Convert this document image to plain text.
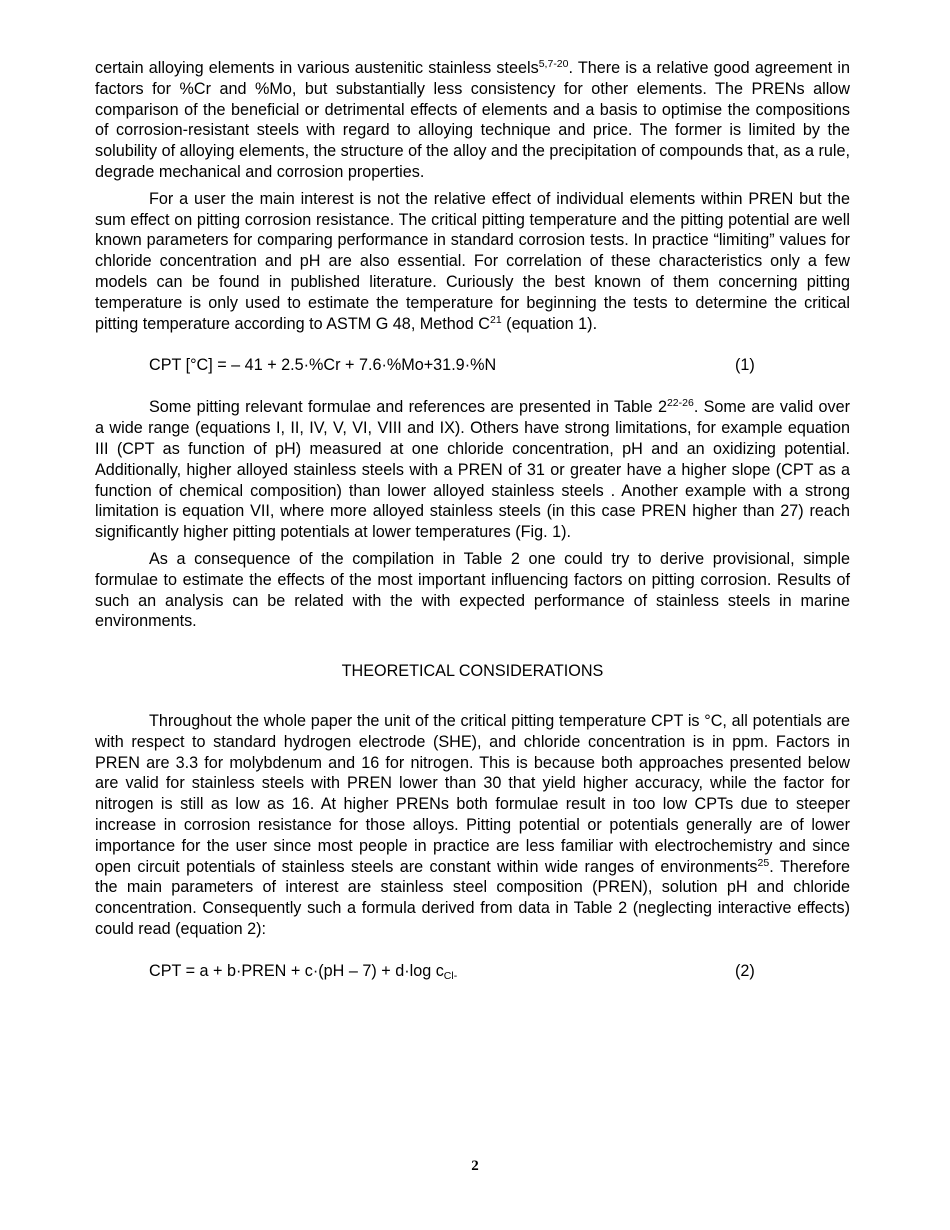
certain alloying elements in various austenitic stainless steels$^{5,7-20}$. There is a relative good agreement in factors for %Cr and %Mo, but substantially less consistency for other elements. The PRENs allow comparison of the beneficial or detrimental effects of elements and a basis to optimise the compositions of corrosion-resistant steels with regard to alloying technique and price. The former is limited by the solubility of alloying elements, the structure of the alloy and the precipitation of compounds that, as a rule, degrade mechanical and corrosion properties.

For a user the main interest is not the relative effect of individual elements within PREN but the sum effect on pitting corrosion resistance. The critical pitting temperature and the pitting potential are well known parameters for comparing performance in standard corrosion tests. In practice “limiting” values for chloride concentration and pH are also essential. For correlation of these characteristics only a few models can be found in published literature. Curiously the best known of them concerning pitting temperature is only used to estimate the temperature for beginning the tests to determine the critical pitting temperature according to ASTM G 48, Method $C^{21}$ (equation 1).

CPT [°C] = – 41 + 2.5·%Cr + 7.6·%Mo+31.9·%N	(1)

Some pitting relevant formulae and references are presented in Table 2$^{22-26}$. Some are valid over a wide range (equations I, II, IV, V, VI, VIII and IX). Others have strong limitations, for example equation III (CPT as function of pH) measured at one chloride concentration, pH and an oxidizing potential. Additionally, higher alloyed stainless steels with a PREN of 31 or greater have a higher slope (CPT as a function of chemical composition) than lower alloyed stainless steels . Another example with a strong limitation is equation VII, where more alloyed stainless steels (in this case PREN higher than 27) reach significantly higher pitting potentials at lower temperatures (Fig. 1).

As a consequence of the compilation in Table 2 one could try to derive provisional, simple formulae to estimate the effects of the most important influencing factors on pitting corrosion. Results of such an analysis can be related with the with expected performance of stainless steels in marine environments.

THEORETICAL CONSIDERATIONS

Throughout the whole paper the unit of the critical pitting temperature CPT is °C, all potentials are with respect to standard hydrogen electrode (SHE), and chloride concentration is in ppm. Factors in PREN are 3.3 for molybdenum and 16 for nitrogen. This is because both approaches presented below are valid for stainless steels with PREN lower than 30 that yield higher accuracy, while the factor for nitrogen is still as low as 16. At higher PRENs both formulae result in too low CPTs due to steeper increase in corrosion resistance for those alloys. Pitting potential or potentials generally are of lower importance for the user since most people in practice are less familiar with electrochemistry and since open circuit potentials of stainless steels are constant within wide ranges of environments$^{25}$. Therefore the main parameters of interest are stainless steel composition (PREN), solution pH and chloride concentration. Consequently such a formula derived from data in Table 2 (neglecting interactive effects) could read (equation 2):

CPT = a + b·PREN + c·(pH – 7) + d·log $c_{Cl-}$	(2)
2
